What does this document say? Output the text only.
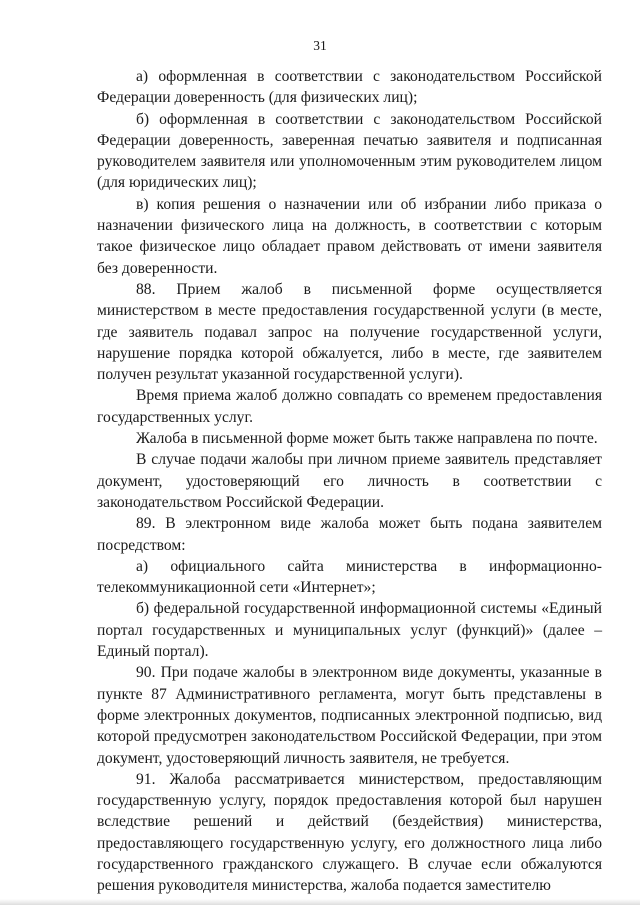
31

а) оформленная в соответствии с законодательством Российской Федерации доверенность (для физических лиц);

б) оформленная в соответствии с законодательством Российской Федерации доверенность, заверенная печатью заявителя и подписанная руководителем заявителя или уполномоченным этим руководителем лицом (для юридических лиц);

в) копия решения о назначении или об избрании либо приказа о назначении физического лица на должность, в соответствии с которым такое физическое лицо обладает правом действовать от имени заявителя без доверенности.

88. Прием жалоб в письменной форме осуществляется министерством в месте предоставления государственной услуги (в месте, где заявитель подавал запрос на получение государственной услуги, нарушение порядка которой обжалуется, либо в месте, где заявителем получен результат указанной государственной услуги).

Время приема жалоб должно совпадать со временем предоставления государственных услуг.

Жалоба в письменной форме может быть также направлена по почте.

В случае подачи жалобы при личном приеме заявитель представляет документ, удостоверяющий его личность в соответствии с законодательством Российской Федерации.

89. В электронном виде жалоба может быть подана заявителем посредством:

а) официального сайта министерства в информационно-телекоммуникационной сети «Интернет»;

б) федеральной государственной информационной системы «Единый портал государственных и муниципальных услуг (функций)» (далее – Единый портал).

90. При подаче жалобы в электронном виде документы, указанные в пункте 87 Административного регламента, могут быть представлены в форме электронных документов, подписанных электронной подписью, вид которой предусмотрен законодательством Российской Федерации, при этом документ, удостоверяющий личность заявителя, не требуется.

91. Жалоба рассматривается министерством, предоставляющим государственную услугу, порядок предоставления которой был нарушен вследствие решений и действий (бездействия) министерства, предоставляющего государственную услугу, его должностного лица либо государственного гражданского служащего. В случае если обжалуются решения руководителя министерства, жалоба подается заместителю
